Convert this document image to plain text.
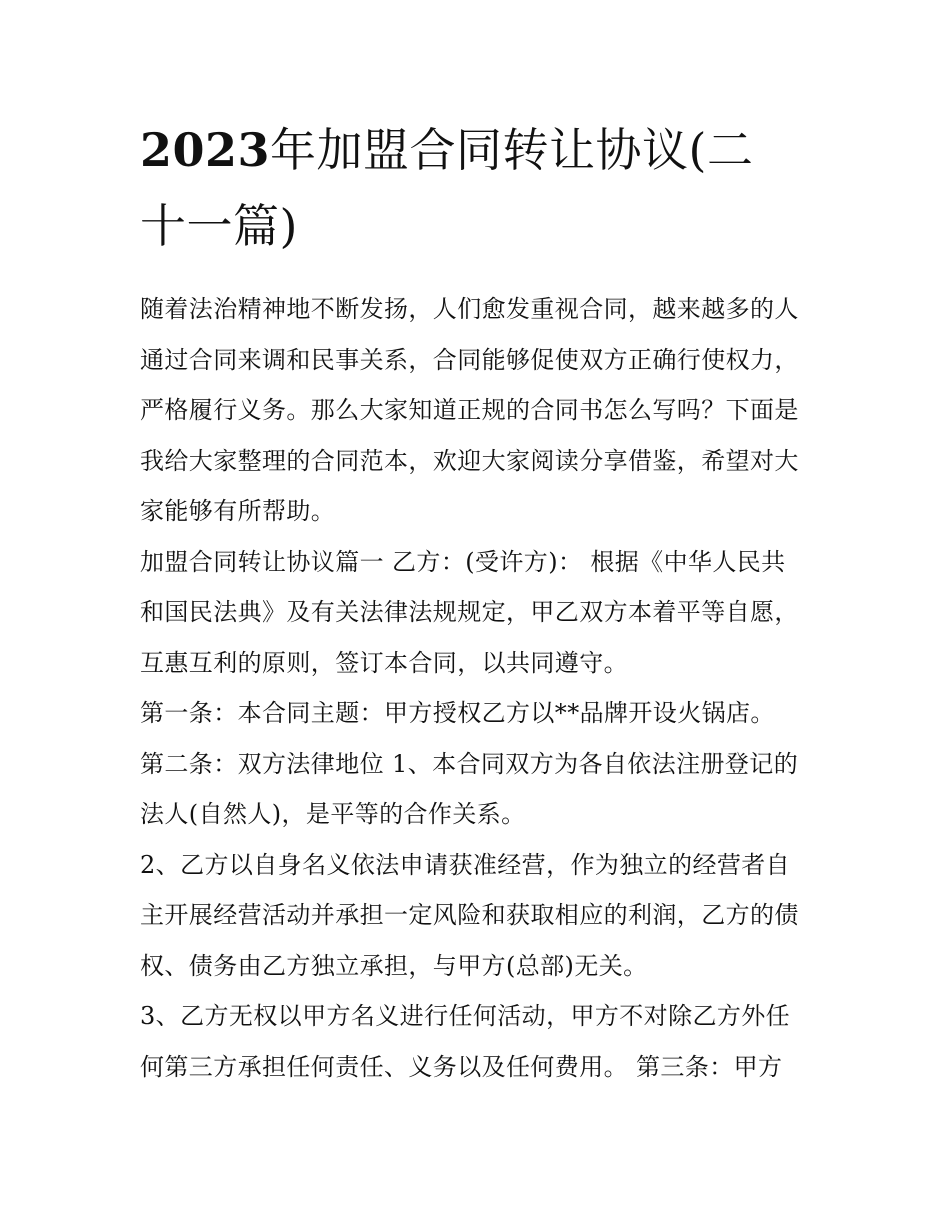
2023年加盟合同转让协议(二
十一篇)
随着法治精神地不断发扬，人们愈发重视合同，越来越多的人
通过合同来调和民事关系，合同能够促使双方正确行使权力，
严格履行义务。那么大家知道正规的合同书怎么写吗？下面是
我给大家整理的合同范本，欢迎大家阅读分享借鉴，希望对大
家能够有所帮助。
加盟合同转让协议篇一 乙方：(受许方)： 根据《中华人民共
和国民法典》及有关法律法规规定，甲乙双方本着平等自愿，
互惠互利的原则，签订本合同，以共同遵守。
第一条：本合同主题：甲方授权乙方以**品牌开设火锅店。
第二条：双方法律地位 1、本合同双方为各自依法注册登记的
法人(自然人)，是平等的合作关系。
2、乙方以自身名义依法申请获准经营，作为独立的经营者自
主开展经营活动并承担一定风险和获取相应的利润，乙方的债
权、债务由乙方独立承担，与甲方(总部)无关。
3、乙方无权以甲方名义进行任何活动，甲方不对除乙方外任
何第三方承担任何责任、义务以及任何费用。 第三条：甲方
